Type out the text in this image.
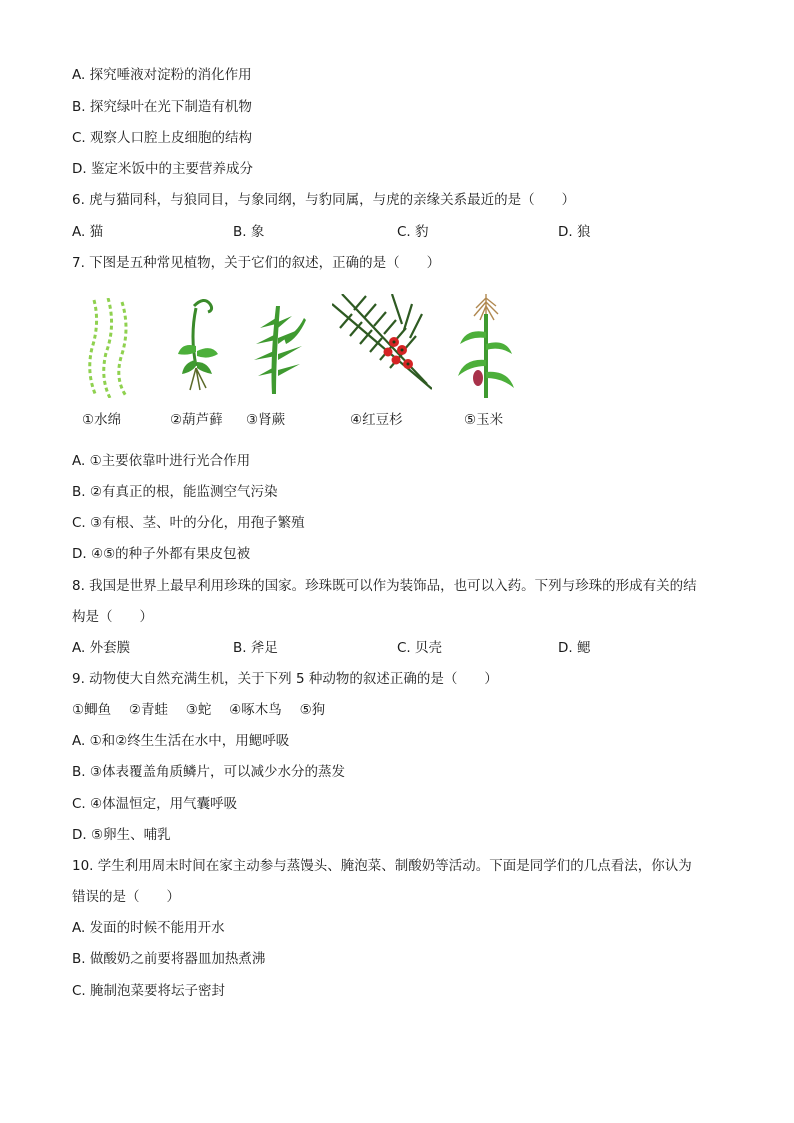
A. 探究唾液对淀粉的消化作用
B. 探究绿叶在光下制造有机物
C. 观察人口腔上皮细胞的结构
D. 鉴定米饭中的主要营养成分
6. 虎与猫同科，与狼同目，与象同纲，与豹同属，与虎的亲缘关系最近的是（　　）
A. 猫	B. 象	C. 豹	D. 狼
7. 下图是五种常见植物，关于它们的叙述，正确的是（　　）
①水绵	②葫芦藓 ③肾蕨	④红豆杉	⑤玉米
A. ①主要依靠叶进行光合作用
B. ②有真正的根，能监测空气污染
C. ③有根、茎、叶的分化，用孢子繁殖
D. ④⑤的种子外都有果皮包被
8. 我国是世界上最早利用珍珠的国家。珍珠既可以作为装饰品，也可以入药。下列与珍珠的形成有关的结
构是（　　）
A. 外套膜	B. 斧足	C. 贝壳	D. 鳃
9. 动物使大自然充满生机，关于下列 5 种动物的叙述正确的是（　　）
①鲫鱼　 ②青蛙　 ③蛇　 ④啄木鸟　 ⑤狗
A. ①和②终生生活在水中，用鳃呼吸
B. ③体表覆盖角质鳞片，可以减少水分的蒸发
C. ④体温恒定，用气囊呼吸
D. ⑤卵生、哺乳
10. 学生利用周末时间在家主动参与蒸馒头、腌泡菜、制酸奶等活动。下面是同学们的几点看法，你认为
错误的是（　　）
A. 发面的时候不能用开水
B. 做酸奶之前要将器皿加热煮沸
C. 腌制泡菜要将坛子密封
